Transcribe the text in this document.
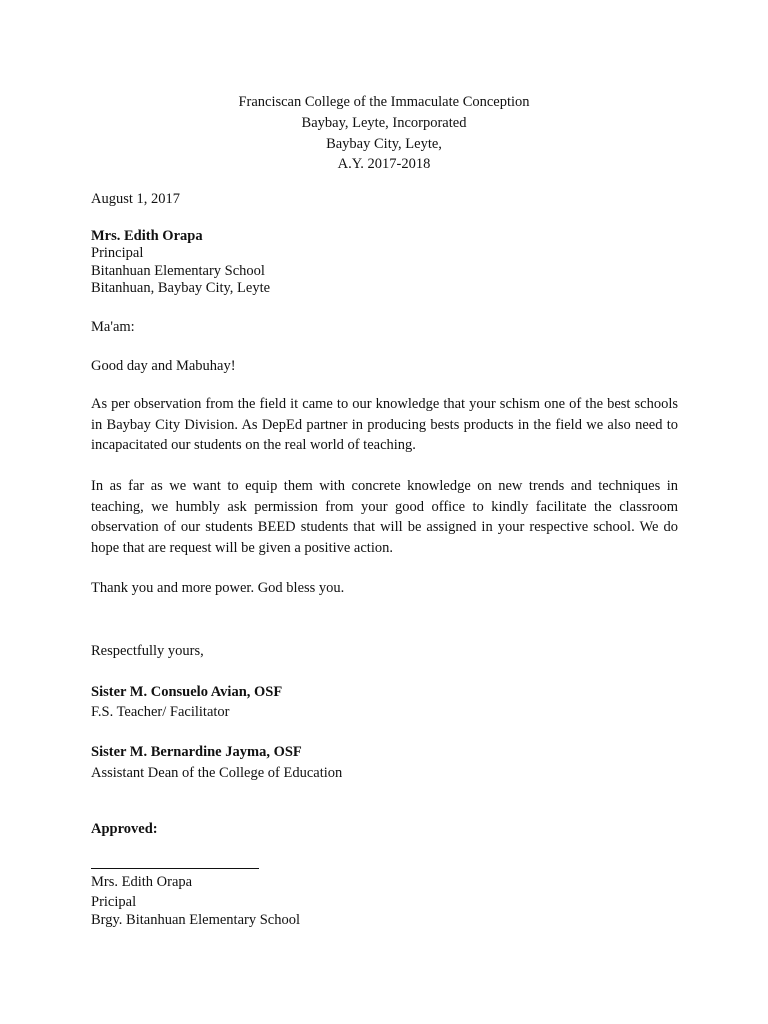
Franciscan College of the Immaculate Conception
Baybay, Leyte, Incorporated
Baybay City, Leyte,
A.Y. 2017-2018
August 1, 2017
Mrs. Edith Orapa
Principal
Bitanhuan Elementary School
Bitanhuan, Baybay City, Leyte
Ma'am:
Good day and Mabuhay!
As per observation from the field it came to our knowledge that your schism one of the best schools in Baybay City Division. As DepEd partner in producing bests products in the field we also need to incapacitated our students on the real world of teaching.
In as far as we want to equip them with concrete knowledge on new trends and techniques in teaching, we humbly ask permission from your good office to kindly facilitate the classroom observation of our students BEED students that will be assigned in your respective school. We do hope that are request will be given a positive action.
Thank you and more power. God bless you.
Respectfully yours,
Sister M. Consuelo Avian, OSF
F.S. Teacher/ Facilitator
Sister M. Bernardine Jayma, OSF
Assistant Dean of the College of Education
Approved:
Mrs. Edith Orapa
Pricipal
Brgy. Bitanhuan Elementary School
